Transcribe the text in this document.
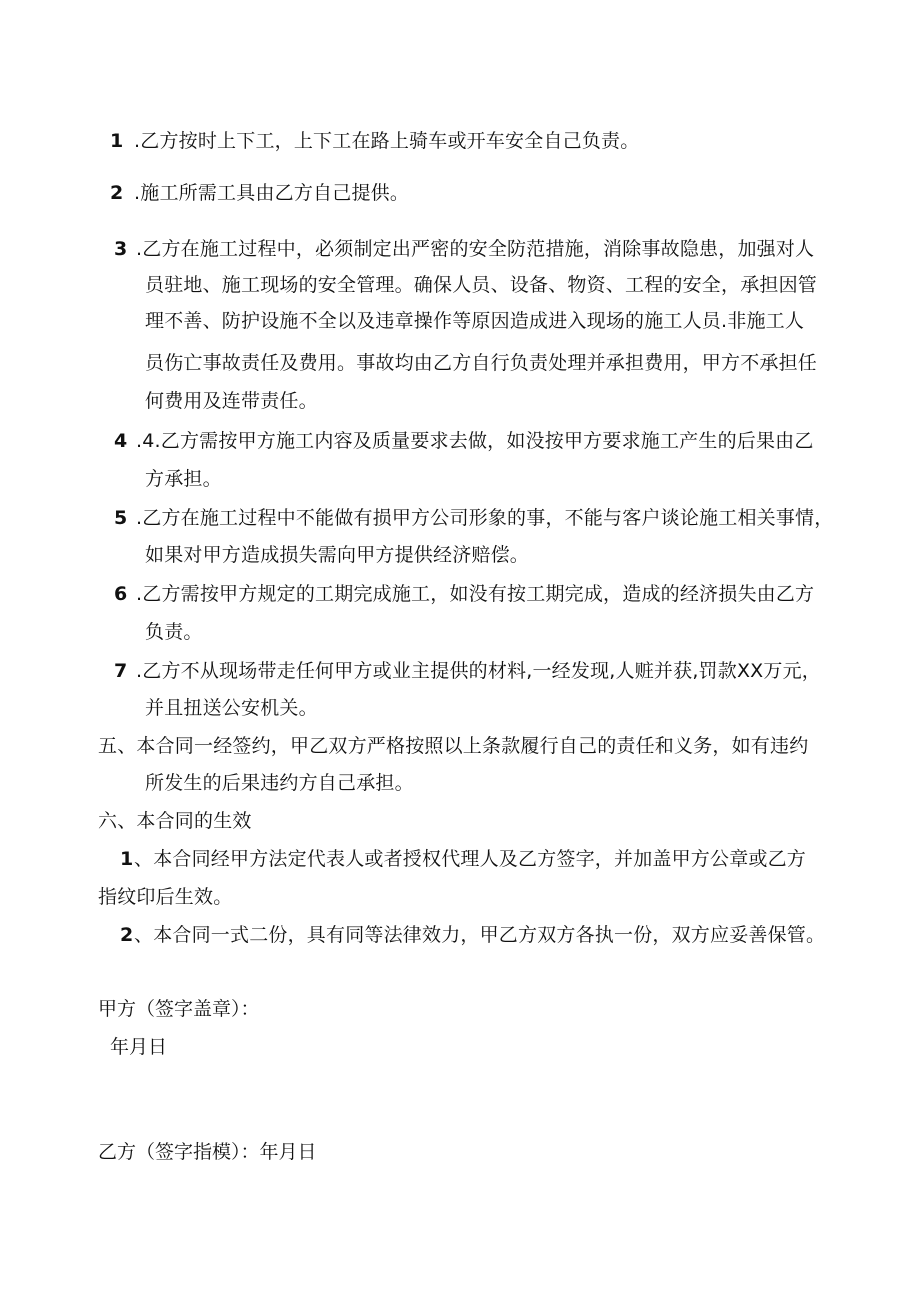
1 .乙方按时上下工，上下工在路上骑车或开车安全自己负责。
2 .施工所需工具由乙方自己提供。
3 .乙方在施工过程中，必须制定出严密的安全防范措施，消除事故隐患，加强对人
员驻地、施工现场的安全管理。确保人员、设备、物资、工程的安全，承担因管
理不善、防护设施不全以及违章操作等原因造成进入现场的施工人员.非施工人
员伤亡事故责任及费用。事故均由乙方自行负责处理并承担费用，甲方不承担任
何费用及连带责任。
4 .4.乙方需按甲方施工内容及质量要求去做，如没按甲方要求施工产生的后果由乙
方承担。
5 .乙方在施工过程中不能做有损甲方公司形象的事，不能与客户谈论施工相关事情，
如果对甲方造成损失需向甲方提供经济赔偿。
6 .乙方需按甲方规定的工期完成施工，如没有按工期完成，造成的经济损失由乙方
负责。
7 .乙方不从现场带走任何甲方或业主提供的材料,一经发现,人赃并获,罚款XX万元，
并且扭送公安机关。
五、本合同一经签约，甲乙双方严格按照以上条款履行自己的责任和义务，如有违约
所发生的后果违约方自己承担。
六、本合同的生效
1 、本合同经甲方法定代表人或者授权代理人及乙方签字，并加盖甲方公章或乙方
指纹印后生效。
2 、本合同一式二份，具有同等法律效力，甲乙方双方各执一份，双方应妥善保管。
甲方（签字盖章）：
年月日
乙方（签字指模）：年月日
